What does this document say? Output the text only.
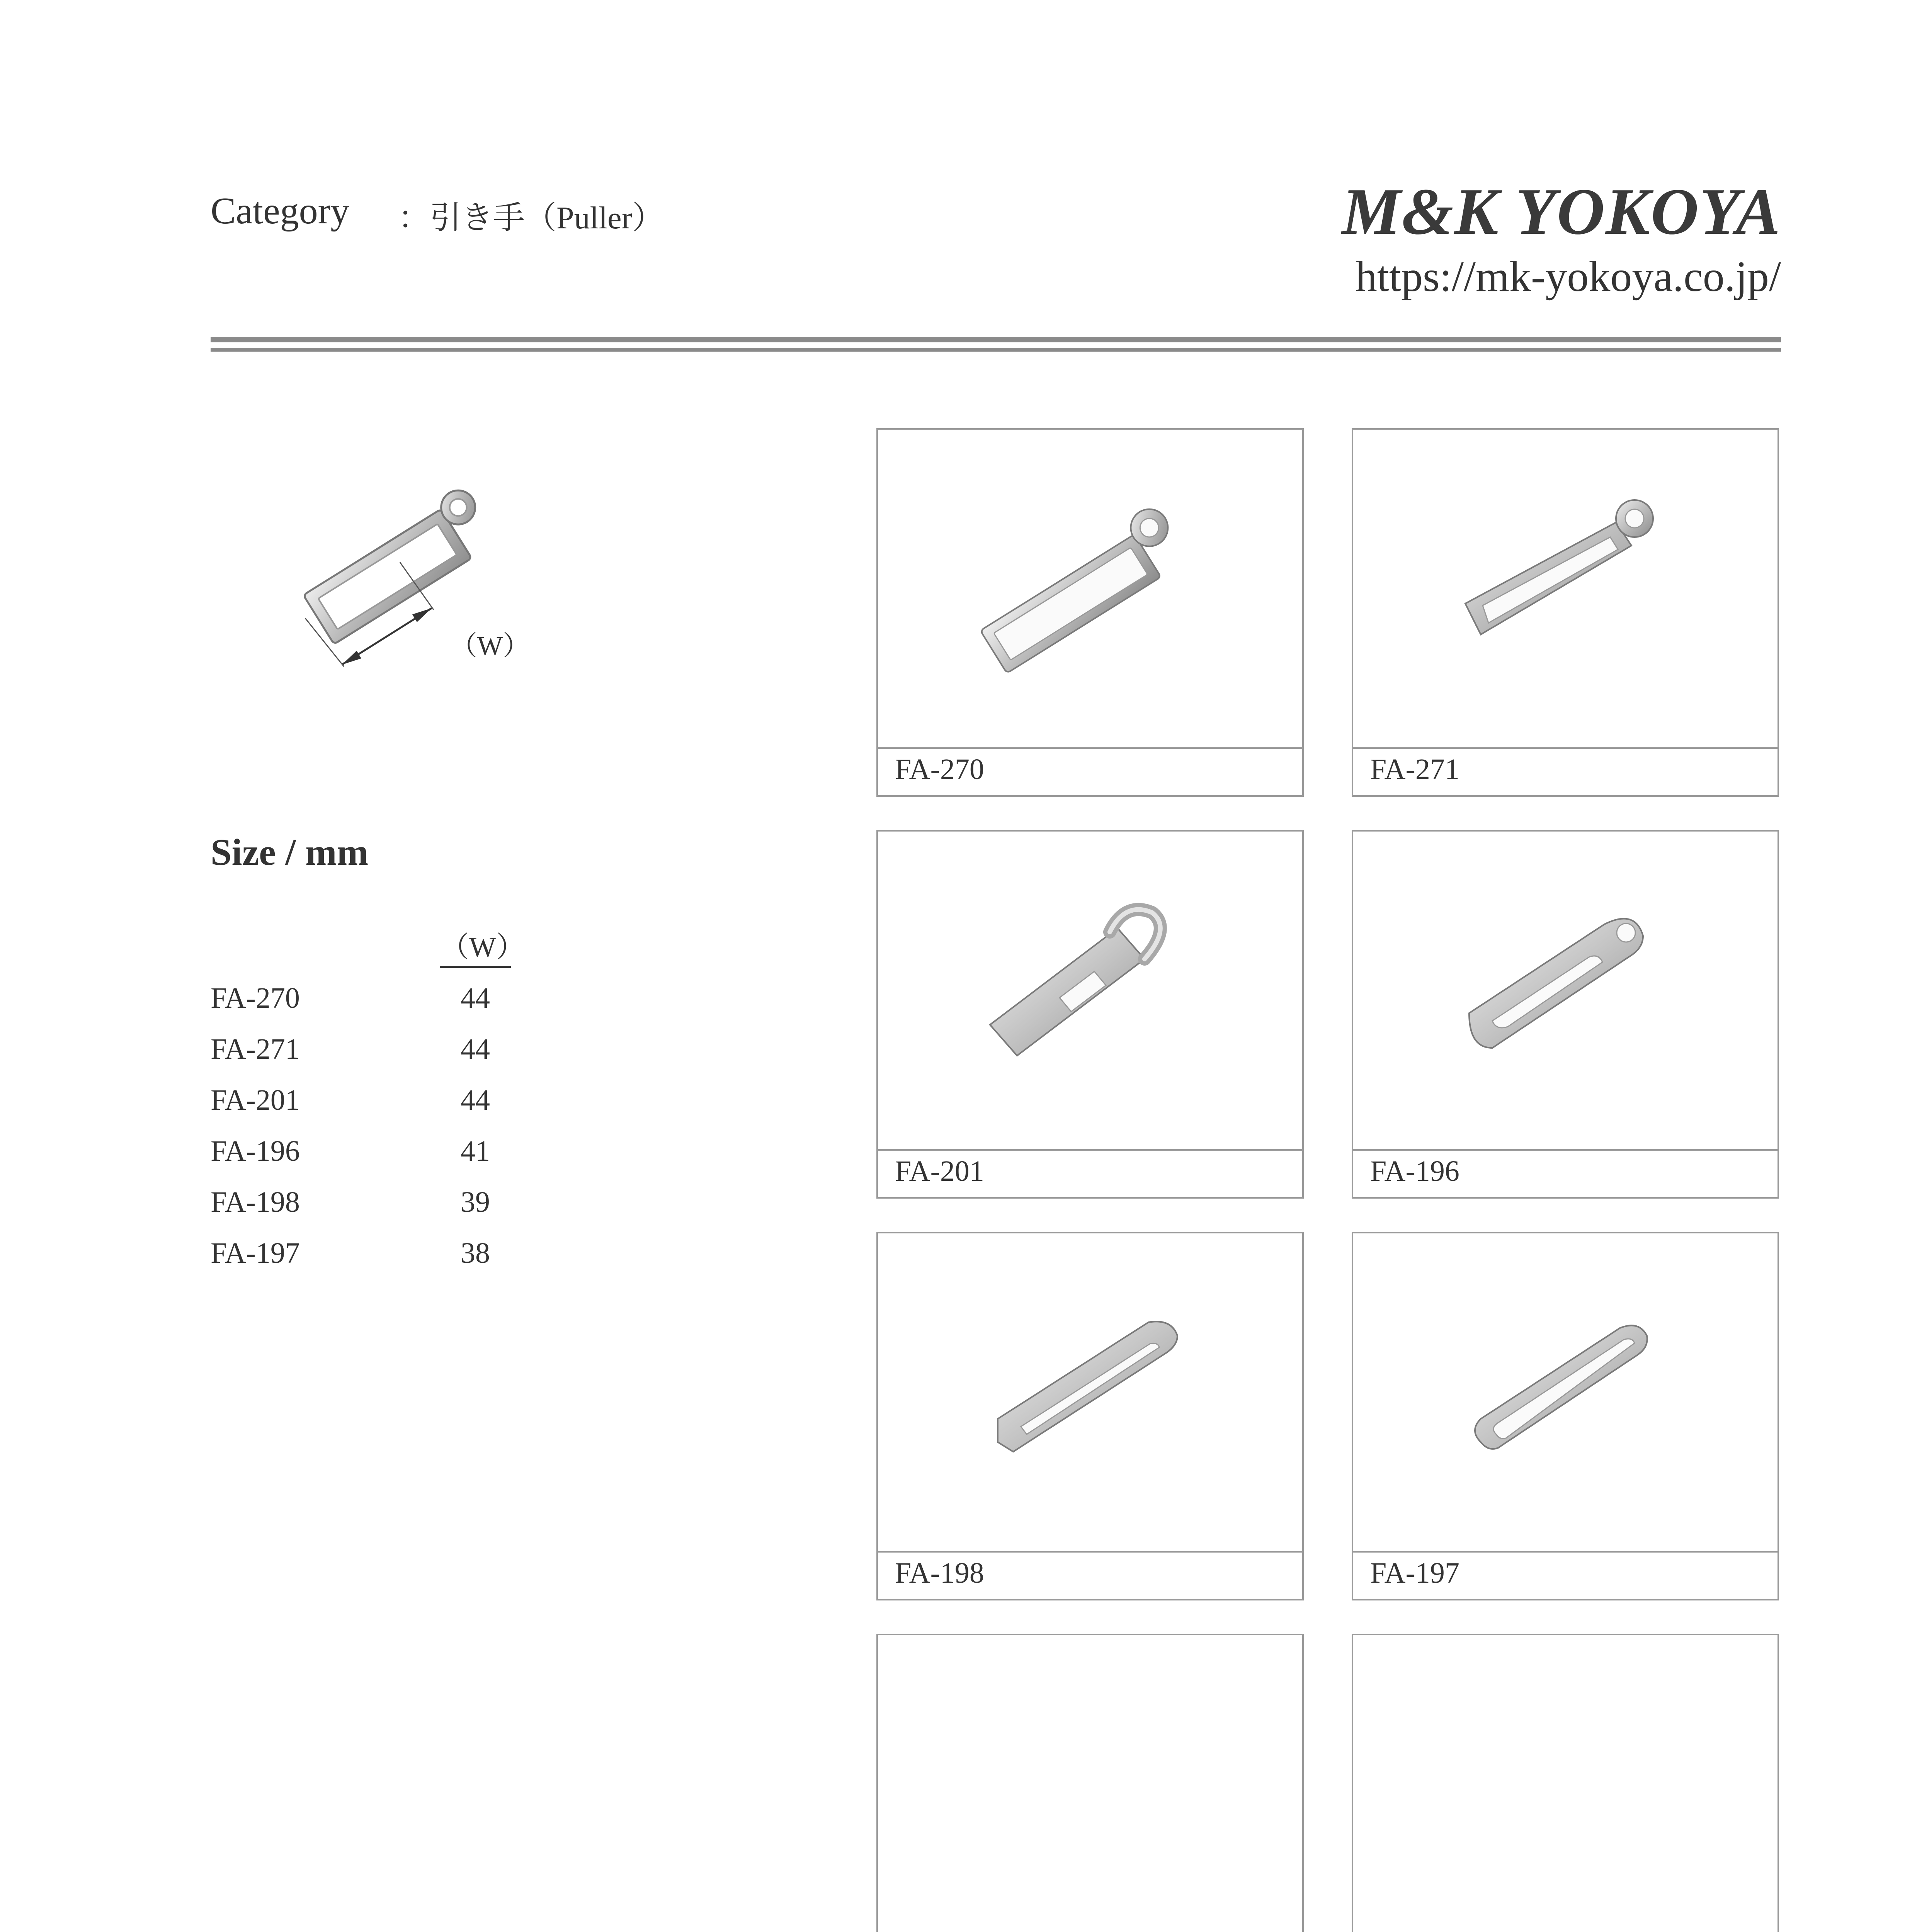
Category ：引き手（Puller）	M&K YOKOYA
https://mk-yokoya.co.jp/
（W）
Size / mm
（W）
FA-270	44
FA-271	44
FA-201	44
FA-196	41
FA-198	39
FA-197	38
FA-270	FA-271
FA-201	FA-196
FA-198	FA-197
